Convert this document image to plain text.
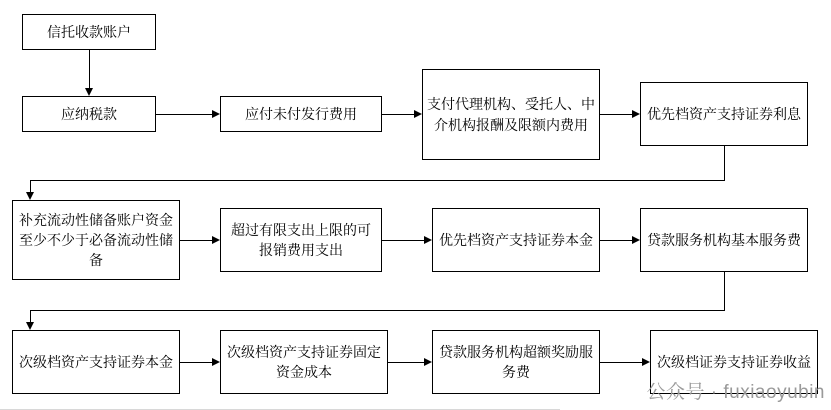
信托收款账户
应纳税款	应付未付发行费用
支付代理机构、受托人、中介机构报酬及限额内费用
优先档资产支持证券利息
补充流动性储备账户资金至少不少于必备流动性储备
超过有限支出上限的可报销费用支出
优先档资产支持证券本金	贷款服务机构基本服务费
次级档资产支持证券本金
次级档资产支持证券固定资金成本
贷款服务机构超额奖励服务费
次级档证券支持证券收益
公众号 · fuxiaoyubin
